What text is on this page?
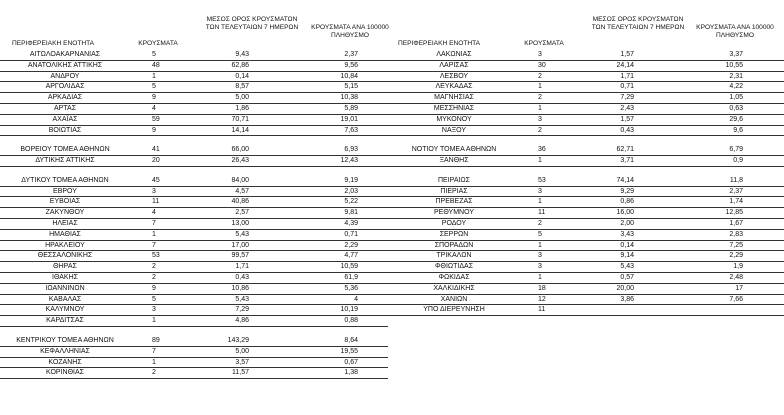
ΠΕΡΙΦΕΡΕΙΑΚΗ ΕΝΟΤΗΤΑ	ΚΡΟΥΣΜΑΤΑ
ΜΕΣΟΣ ΟΡΟΣ ΚΡΟΥΣΜΑΤΩΝ ΤΩΝ ΤΕΛΕΥΤΑΙΩΝ 7 ΗΜΕΡΩΝ	ΚΡΟΥΣΜΑΤΑ ΑΝΑ 100000 ΠΛΗΘΥΣΜΟ
ΠΕΡΙΦΕΡΕΙΑΚΗ ΕΝΟΤΗΤΑ	ΚΡΟΥΣΜΑΤΑ
ΜΕΣΟΣ ΟΡΟΣ ΚΡΟΥΣΜΑΤΩΝ ΤΩΝ ΤΕΛΕΥΤΑΙΩΝ 7 ΗΜΕΡΩΝ	ΚΡΟΥΣΜΑΤΑ ΑΝΑ 100000 ΠΛΗΘΥΣΜΟ
ΑΙΤΩΛΟΑΚΑΡΝΑΝΙΑΣ	5	9,43	2,37
ΑΝΑΤΟΛΙΚΗΣ ΑΤΤΙΚΗΣ	48	62,86	9,56
ΑΝΔΡΟΥ	1	0,14	10,84
ΑΡΓΟΛΙΔΑΣ	5	8,57	5,15
ΑΡΚΑΔΙΑΣ	9	5,00	10,38
ΑΡΤΑΣ	4	1,86	5,89
ΑΧΑΪΑΣ	59	70,71	19,01
ΒΟΙΩΤΙΑΣ	9	14,14	7,63
ΒΟΡΕΙΟΥ ΤΟΜΕΑ ΑΘΗΝΩΝ	41	66,00	6,93
ΔΥΤΙΚΗΣ ΑΤΤΙΚΗΣ	20	26,43	12,43
ΔΥΤΙΚΟΥ ΤΟΜΕΑ ΑΘΗΝΩΝ	45	84,00	9,19
ΕΒΡΟΥ	3	4,57	2,03
ΕΥΒΟΙΑΣ	11	40,86	5,22
ΖΑΚΥΝΘΟΥ	4	2,57	9,81
ΗΛΕΙΑΣ	7	13,00	4,39
ΗΜΑΘΙΑΣ	1	5,43	0,71
ΗΡΑΚΛΕΙΟΥ	7	17,00	2,29
ΘΕΣΣΑΛΟΝΙΚΗΣ	53	99,57	4,77
ΘΗΡΑΣ	2	1,71	10,59
ΙΘΑΚΗΣ	2	0,43	61,9
ΙΩΑΝΝΙΝΩΝ	9	10,86	5,36
ΚΑΒΑΛΑΣ	5	5,43	4
ΚΑΛΥΜΝΟΥ	3	7,29	10,19
ΚΑΡΔΙΤΣΑΣ	1	4,86	0,88
ΚΕΝΤΡΙΚΟΥ ΤΟΜΕΑ ΑΘΗΝΩΝ	89	143,29	8,64
ΚΕΦΑΛΛΗΝΙΑΣ	7	5,00	19,55
ΚΟΖΑΝΗΣ	1	3,57	0,67
ΚΟΡΙΝΘΙΑΣ	2	11,57	1,38
ΛΑΚΩΝΙΑΣ	3	1,57	3,37
ΛΑΡΙΣΑΣ	30	24,14	10,55
ΛΕΣΒΟΥ	2	1,71	2,31
ΛΕΥΚΑΔΑΣ	1	0,71	4,22
ΜΑΓΝΗΣΙΑΣ	2	7,29	1,05
ΜΕΣΣΗΝΙΑΣ	1	2,43	0,63
ΜΥΚΟΝΟΥ	3	1,57	29,6
ΝΑΞΟΥ	2	0,43	9,6
ΝΟΤΙΟΥ ΤΟΜΕΑ ΑΘΗΝΩΝ	36	62,71	6,79
ΞΑΝΘΗΣ	1	3,71	0,9
ΠΕΙΡΑΙΩΣ	53	74,14	11,8
ΠΙΕΡΙΑΣ	3	9,29	2,37
ΠΡΕΒΕΖΑΣ	1	0,86	1,74
ΡΕΘΥΜΝΟΥ	11	16,00	12,85
ΡΟΔΟΥ	2	2,00	1,67
ΣΕΡΡΩΝ	5	3,43	2,83
ΣΠΟΡΑΔΩΝ	1	0,14	7,25
ΤΡΙΚΑΛΩΝ	3	9,14	2,29
ΦΘΙΩΤΙΔΑΣ	3	5,43	1,9
ΦΩΚΙΔΑΣ	1	0,57	2,48
ΧΑΛΚΙΔΙΚΗΣ	18	20,00	17
ΧΑΝΙΩΝ	12	3,86	7,66
ΥΠΟ ΔΙΕΡΕΥΝΗΣΗ	11
